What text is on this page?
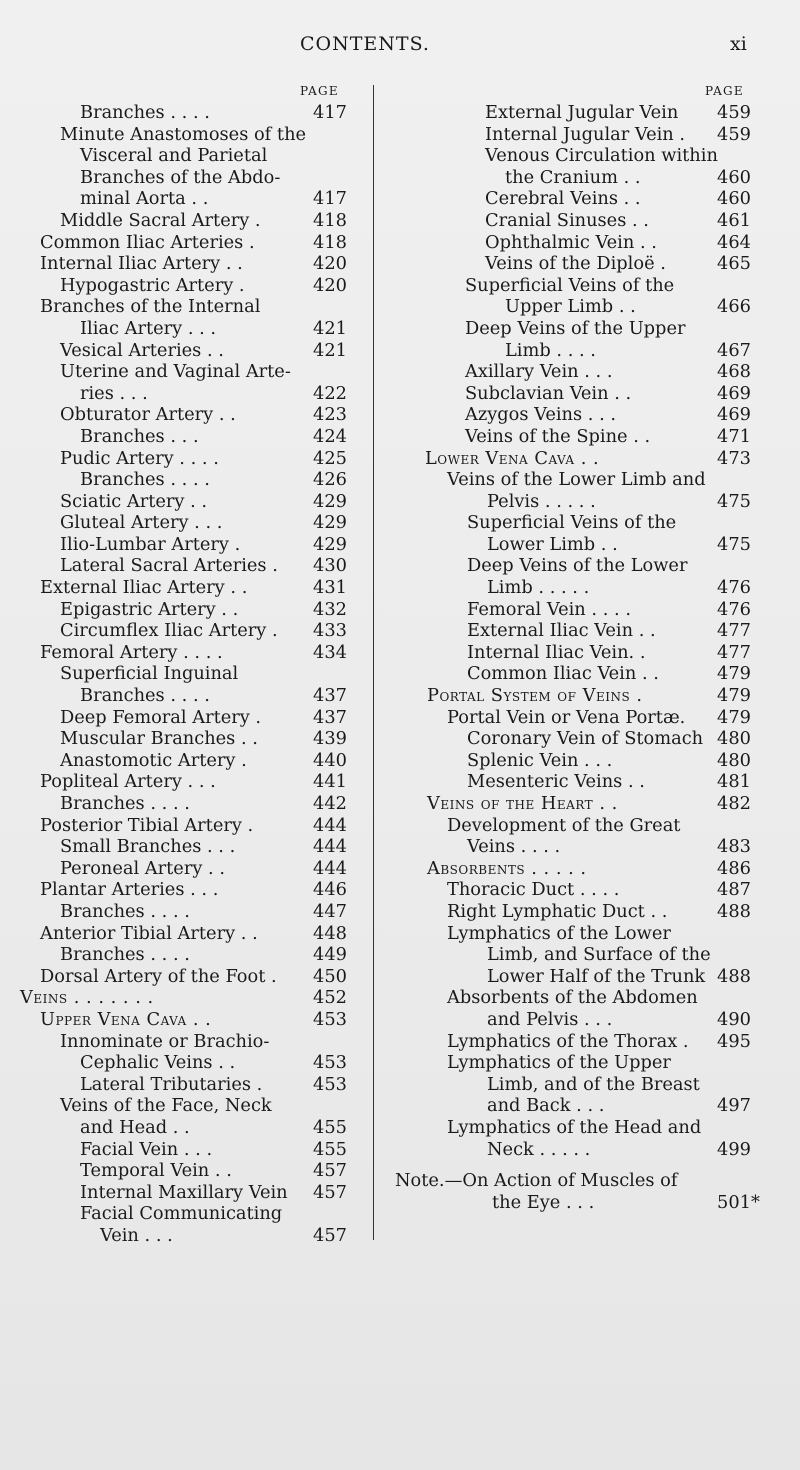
CONTENTS.	xi
PAGE	PAGE
Branches . . . .	417
Minute Anastomoses of the
Visceral and Parietal
Branches of the Abdo-
minal Aorta . .	417
Middle Sacral Artery .	418
Common Iliac Arteries .	418
Internal Iliac Artery . .	420
Hypogastric Artery .	420
Branches of the Internal
Iliac Artery . . .	421
Vesical Arteries . .	421
Uterine and Vaginal Arte-
ries . . .	422
Obturator Artery . .	423
Branches . . .	424
Pudic Artery . . . .	425
Branches . . . .	426
Sciatic Artery . .	429
Gluteal Artery . . .	429
Ilio-Lumbar Artery .	429
Lateral Sacral Arteries .	430
External Iliac Artery . .	431
Epigastric Artery . .	432
Circumflex Iliac Artery .	433
Femoral Artery . . . .	434
Superficial Inguinal
Branches . . . .	437
Deep Femoral Artery .	437
Muscular Branches . .	439
Anastomotic Artery .	440
Popliteal Artery . . .	441
Branches . . . .	442
Posterior Tibial Artery .	444
Small Branches . . .	444
Peroneal Artery . .	444
Plantar Arteries . . .	446
Branches . . . .	447
Anterior Tibial Artery . .	448
Branches . . . .	449
Dorsal Artery of the Foot .	450
Veins . . . . . . .	452
Upper Vena Cava . .	453
Innominate or Brachio-
Cephalic Veins . .	453
Lateral Tributaries .	453
Veins of the Face, Neck
and Head . .	455
Facial Vein . . .	455
Temporal Vein . .	457
Internal Maxillary Vein	457
Facial Communicating
Vein . . .	457
External Jugular Vein	459
Internal Jugular Vein .	459
Venous Circulation within
the Cranium . .	460
Cerebral Veins . .	460
Cranial Sinuses . .	461
Ophthalmic Vein . .	464
Veins of the Diploë .	465
Superficial Veins of the
Upper Limb . .	466
Deep Veins of the Upper
Limb . . . .	467
Axillary Vein . . .	468
Subclavian Vein . .	469
Azygos Veins . . .	469
Veins of the Spine . .	471
Lower Vena Cava . .	473
Veins of the Lower Limb and
Pelvis . . . . .	475
Superficial Veins of the
Lower Limb . .	475
Deep Veins of the Lower
Limb . . . . .	476
Femoral Vein . . . .	476
External Iliac Vein . .	477
Internal Iliac Vein. .	477
Common Iliac Vein . .	479
Portal System of Veins .	479
Portal Vein or Vena Portæ.	479
Coronary Vein of Stomach 480
Splenic Vein . . .	480
Mesenteric Veins . .	481
Veins of the Heart . .	482
Development of the Great
Veins . . . .	483
Absorbents . . . . .	486
Thoracic Duct . . . .	487
Right Lymphatic Duct . .	488
Lymphatics of the Lower
Limb, and Surface of the
Lower Half of the Trunk 488
Absorbents of the Abdomen
and Pelvis . . .	490
Lymphatics of the Thorax .	495
Lymphatics of the Upper
Limb, and of the Breast
and Back . . .	497
Lymphatics of the Head and
Neck . . . . .	499
Note.—On Action of Muscles of
the Eye . . .	501*
